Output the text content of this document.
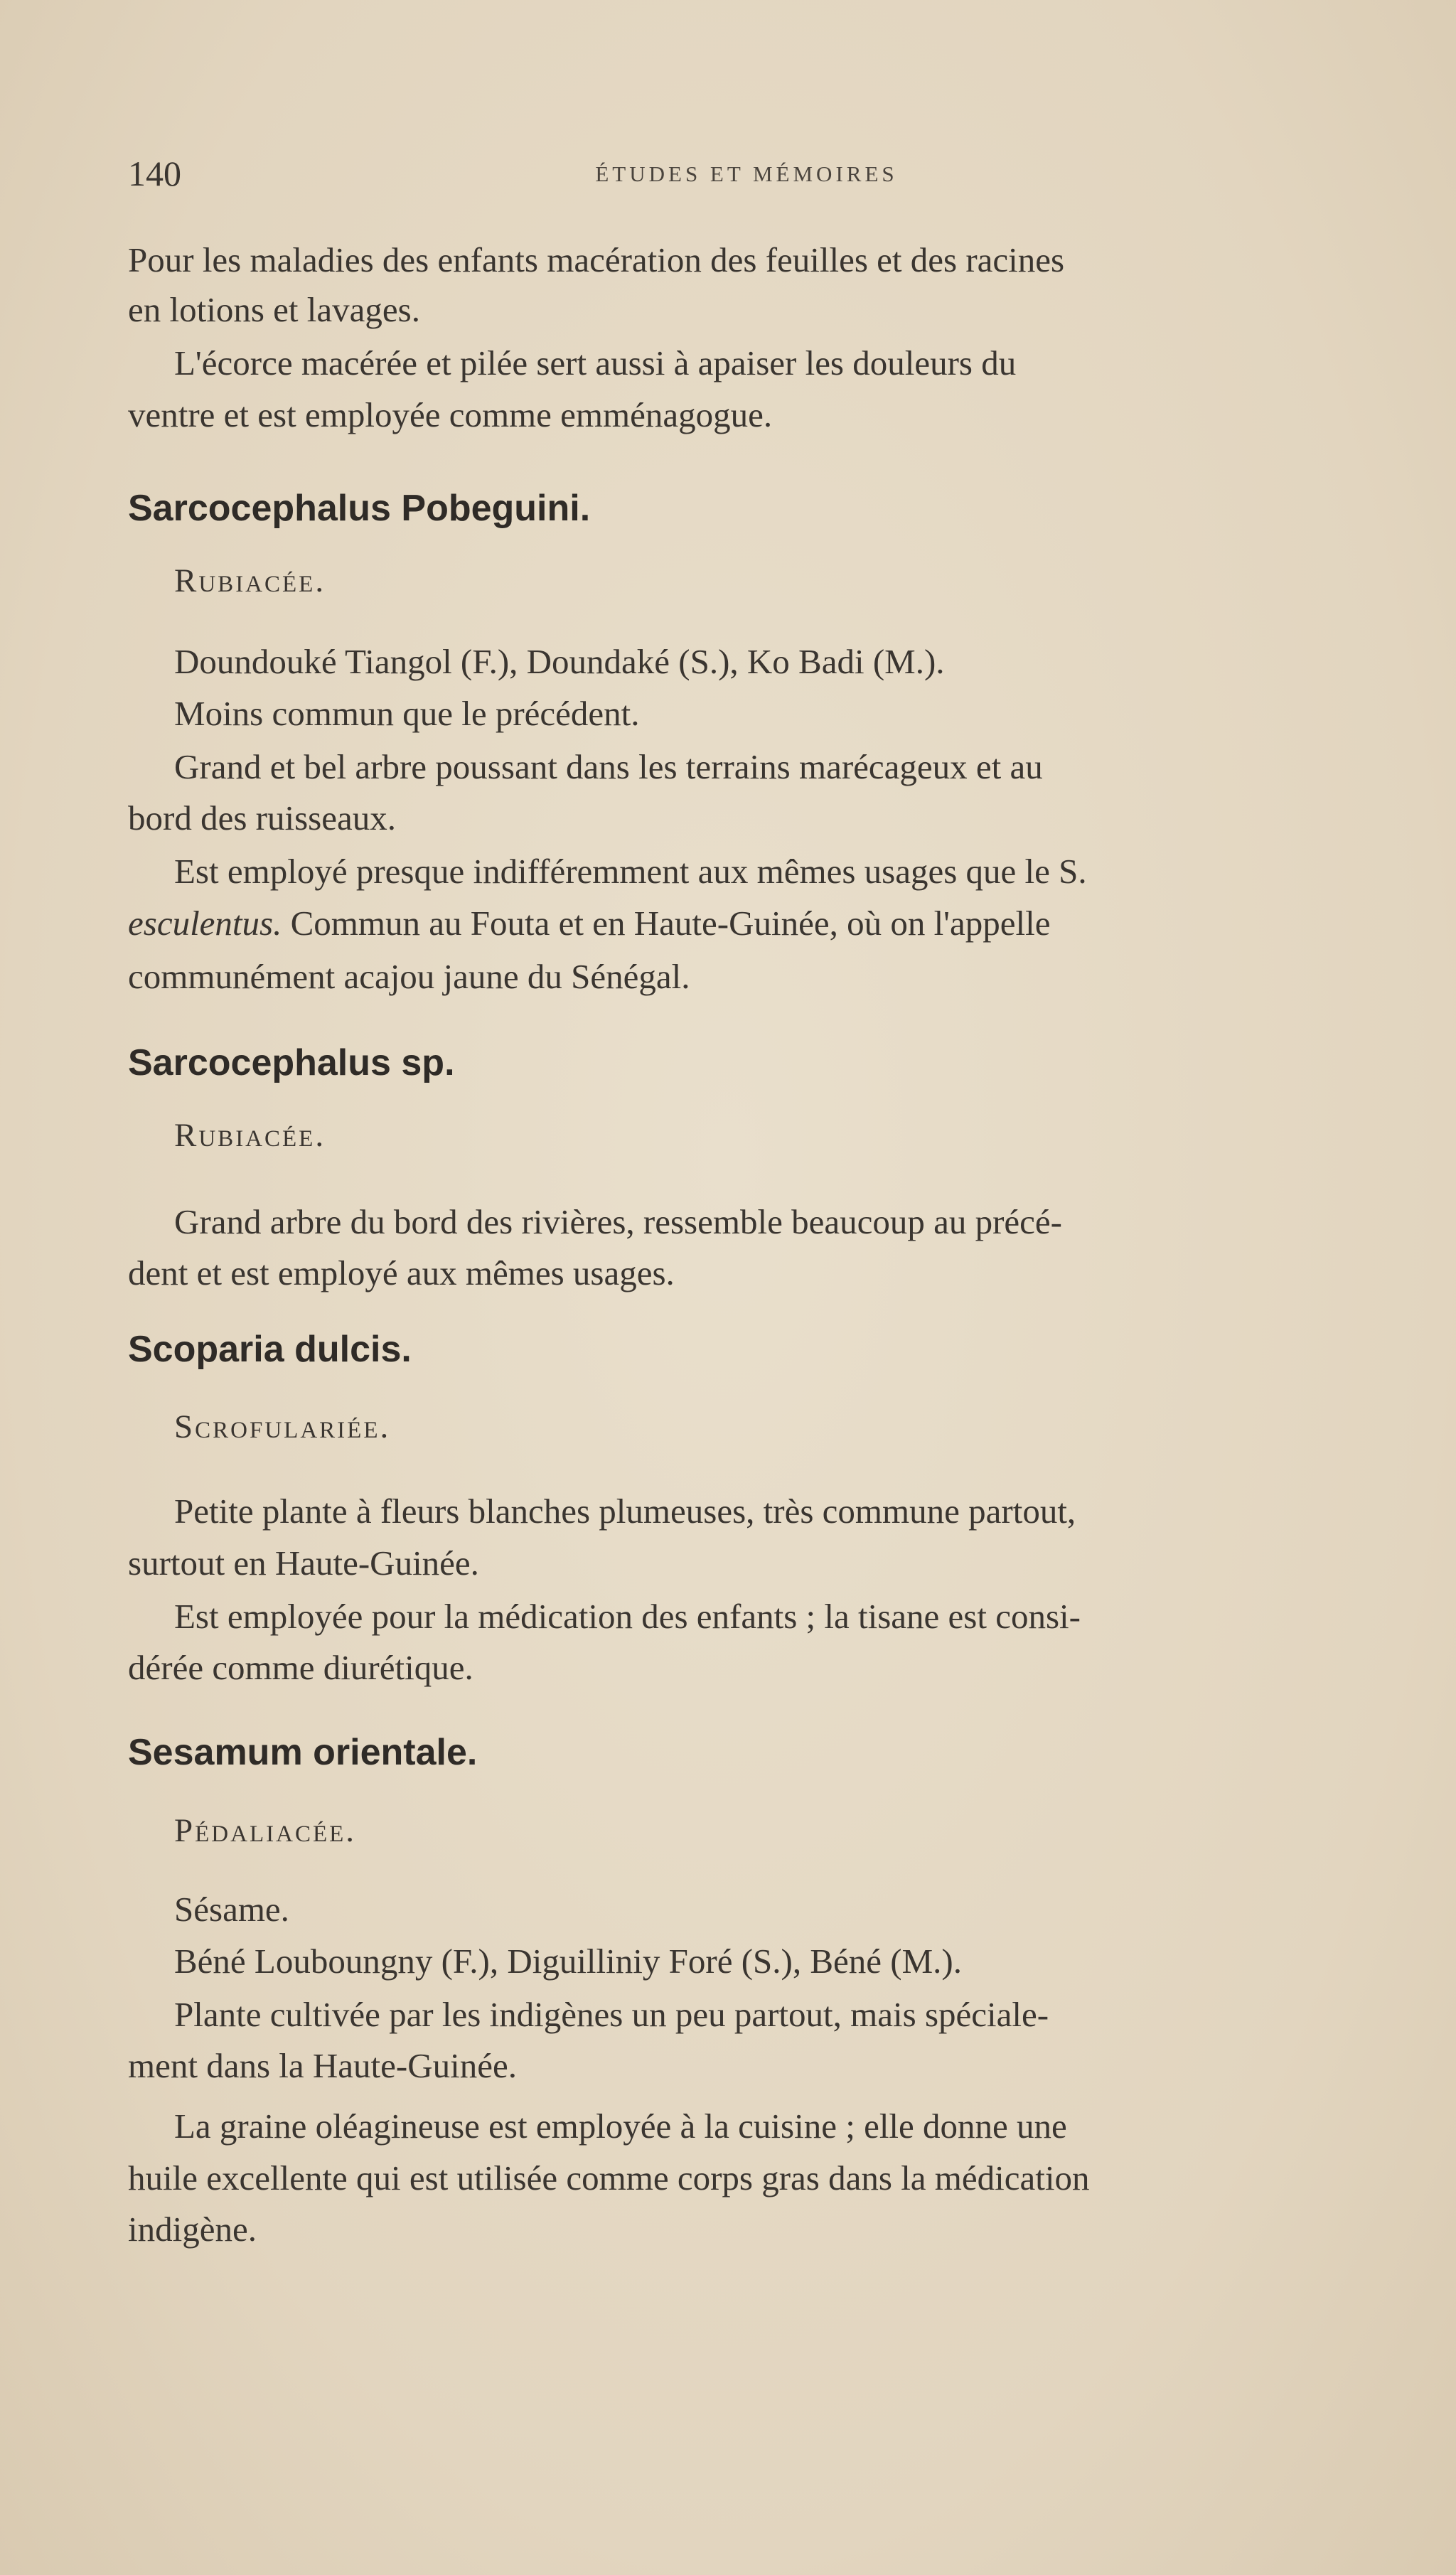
140	ÉTUDES ET MÉMOIRES
Pour les maladies des enfants macération des feuilles et des racines
en lotions et lavages.
L'écorce macérée et pilée sert aussi à apaiser les douleurs du
ventre et est employée comme emménagogue.
Sarcocephalus Pobeguini.
Rubiacée.
Doundouké Tiangol (F.), Doundaké (S.), Ko Badi (M.).
Moins commun que le précédent.
Grand et bel arbre poussant dans les terrains marécageux et au
bord des ruisseaux.
Est employé presque indifféremment aux mêmes usages que le S.
esculentus. Commun au Fouta et en Haute-Guinée, où on l'appelle
communément acajou jaune du Sénégal.
Sarcocephalus sp.
Rubiacée.
Grand arbre du bord des rivières, ressemble beaucoup au précé-
dent et est employé aux mêmes usages.
Scoparia dulcis.
Scrofulariée.
Petite plante à fleurs blanches plumeuses, très commune partout,
surtout en Haute-Guinée.
Est employée pour la médication des enfants ; la tisane est consi-
dérée comme diurétique.
Sesamum orientale.
Pédaliacée.
Sésame.
Béné Louboungny (F.), Diguilliniy Foré (S.), Béné (M.).
Plante cultivée par les indigènes un peu partout, mais spéciale-
ment dans la Haute-Guinée.
La graine oléagineuse est employée à la cuisine ; elle donne une
huile excellente qui est utilisée comme corps gras dans la médication
indigène.
